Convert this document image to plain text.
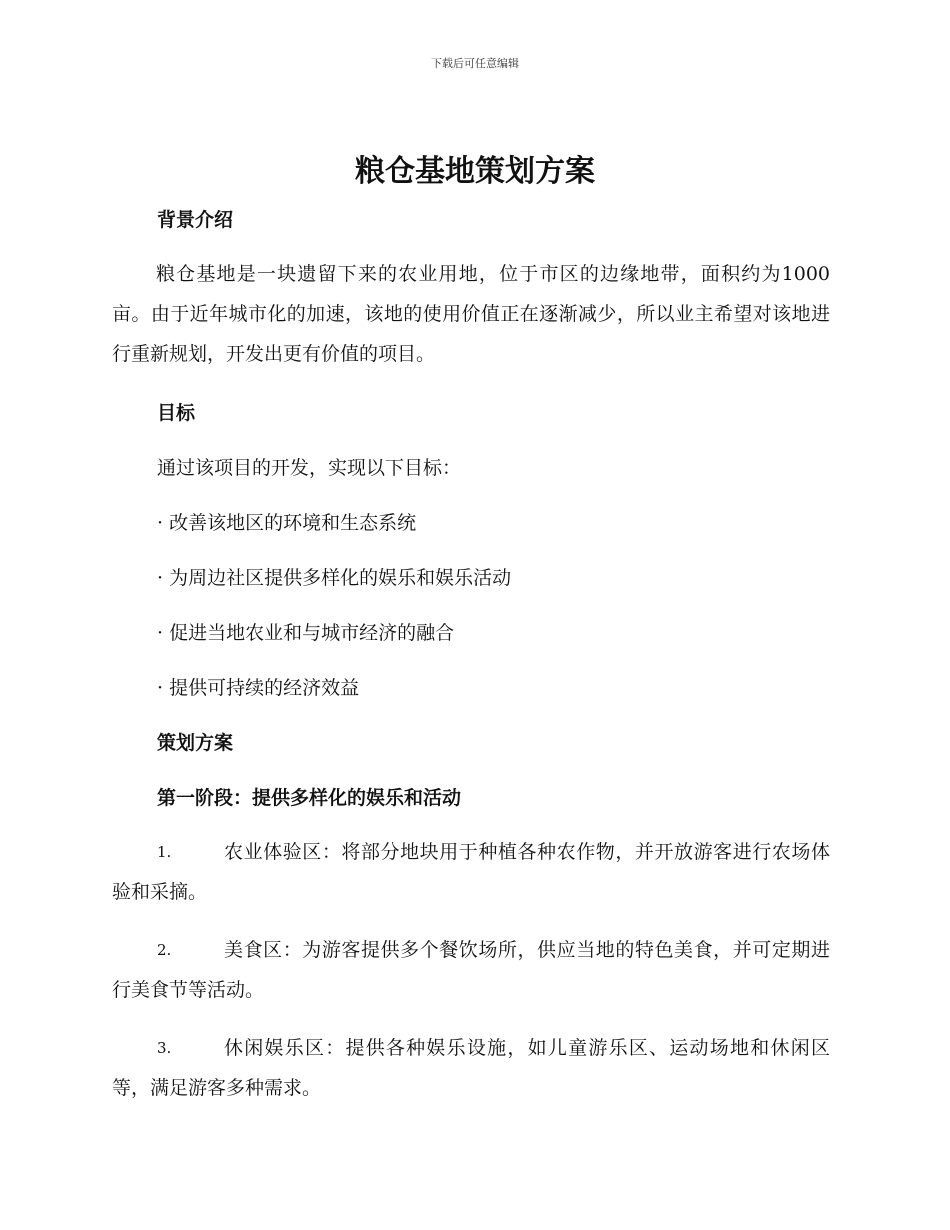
下载后可任意编辑
粮仓基地策划方案
背景介绍
粮仓基地是一块遗留下来的农业用地，位于市区的边缘地带，面积约为1000亩。由于近年城市化的加速，该地的使用价值正在逐渐减少，所以业主希望对该地进行重新规划，开发出更有价值的项目。
目标
通过该项目的开发，实现以下目标：
· 改善该地区的环境和生态系统
· 为周边社区提供多样化的娱乐和娱乐活动
· 促进当地农业和与城市经济的融合
· 提供可持续的经济效益
策划方案
第一阶段：提供多样化的娱乐和活动
1.	农业体验区：将部分地块用于种植各种农作物，并开放游客进行农场体验和采摘。
2.	美食区：为游客提供多个餐饮场所，供应当地的特色美食，并可定期进行美食节等活动。
3.	休闲娱乐区：提供各种娱乐设施，如儿童游乐区、运动场地和休闲区等，满足游客多种需求。
